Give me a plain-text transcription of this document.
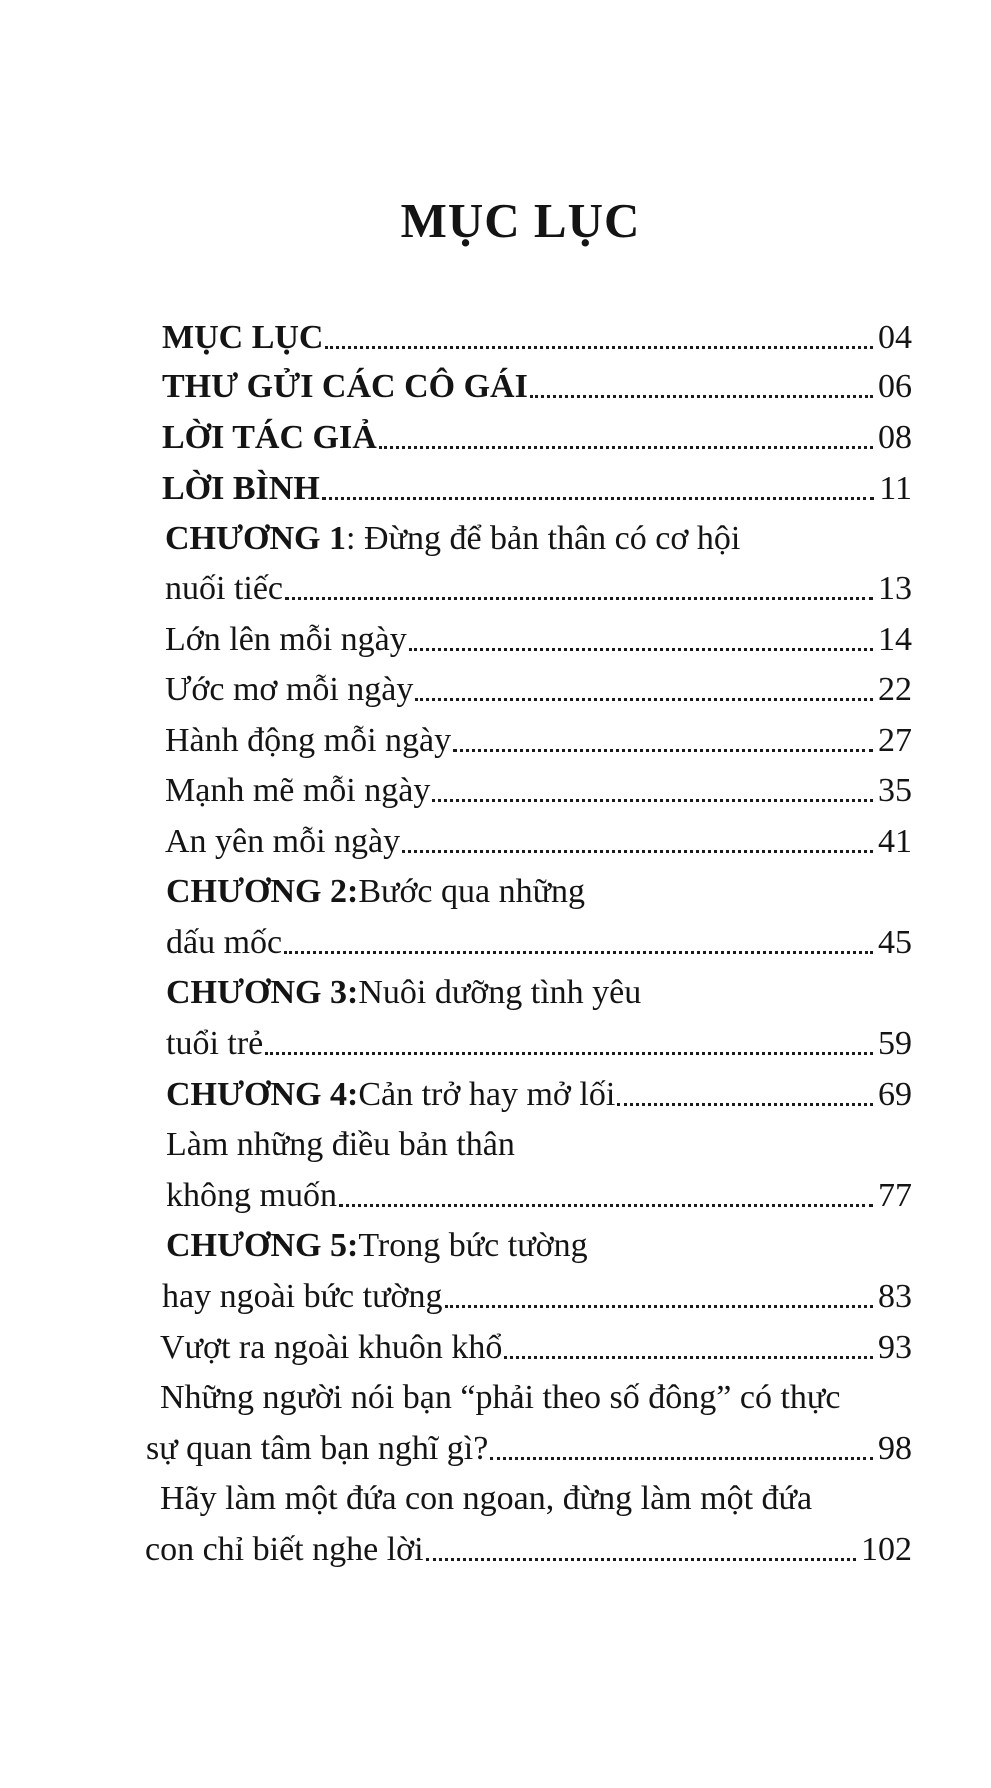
MỤC LỤC
MỤC LỤC	04
THƯ GỬI CÁC CÔ GÁI	06
LỜI TÁC GIẢ	08
LỜI BÌNH	11
CHƯƠNG 1 : Đừng để bản thân có cơ hội
nuối tiếc	13
Lớn lên mỗi ngày	14
Ước mơ mỗi ngày	22
Hành động mỗi ngày	27
Mạnh mẽ mỗi ngày	35
An yên mỗi ngày	41
CHƯƠNG 2: Bước qua những
dấu mốc	45
CHƯƠNG 3: Nuôi dưỡng tình yêu
tuổi trẻ	59
CHƯƠNG 4: Cản trở hay mở lối	69
Làm những điều bản thân
không muốn	77
CHƯƠNG 5: Trong bức tường
hay ngoài bức tường	83
Vượt ra ngoài khuôn khổ	93
Những người nói bạn “phải theo số đông” có thực
sự quan tâm bạn nghĩ gì?	98
Hãy làm một đứa con ngoan, đừng làm một đứa
con chỉ biết nghe lời	102
